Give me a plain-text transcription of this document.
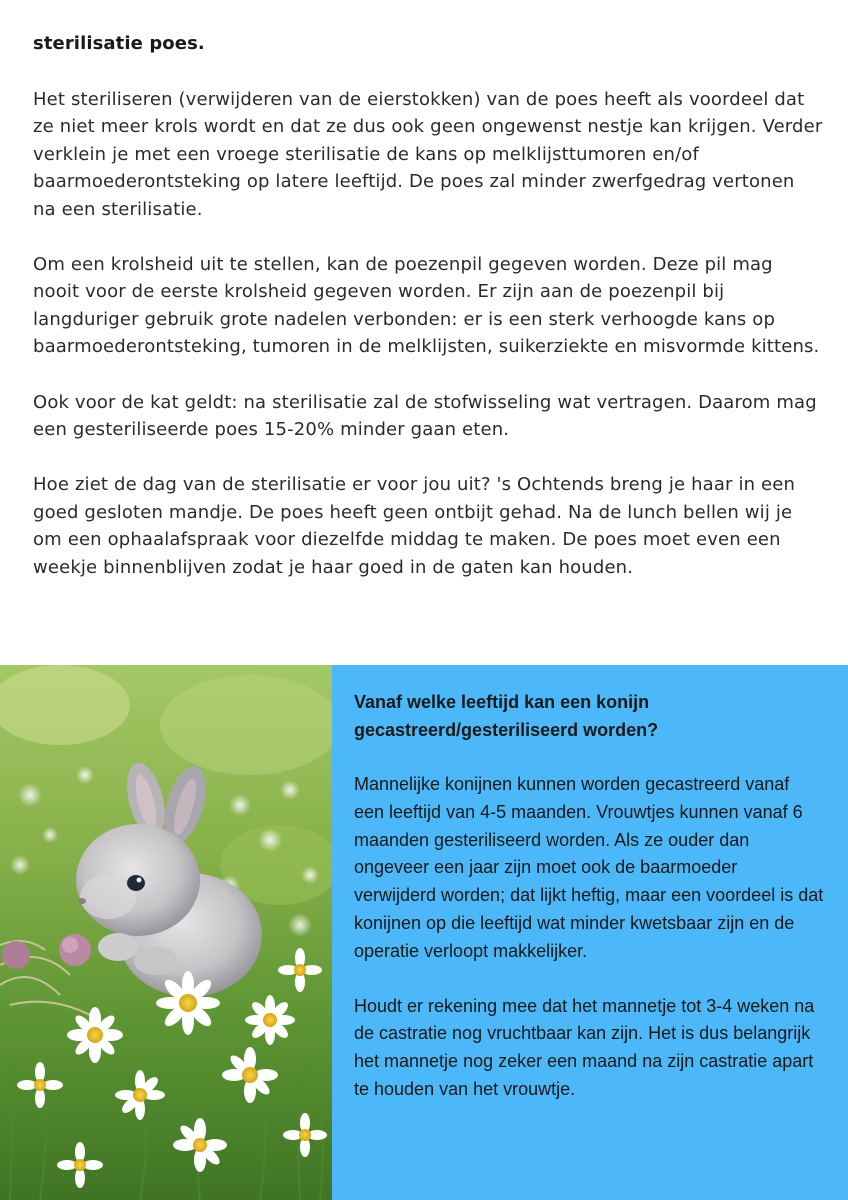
sterilisatie poes.

Het steriliseren (verwijderen van de eierstokken) van de poes heeft als voordeel dat ze niet meer krols wordt en dat ze dus ook geen ongewenst nestje kan krijgen. Verder verklein je met een vroege sterilisatie de kans op melklijsttumoren en/of baarmoederontsteking op latere leeftijd. De poes zal minder zwerfgedrag vertonen na een sterilisatie.

Om een krolsheid uit te stellen, kan de poezenpil gegeven worden. Deze pil mag nooit voor de eerste krolsheid gegeven worden. Er zijn aan de poezenpil bij langduriger gebruik grote nadelen verbonden: er is een sterk verhoogde kans op baarmoederontsteking, tumoren in de melklijsten, suikerziekte en misvormde kittens.

Ook voor de kat geldt: na sterilisatie zal de stofwisseling wat vertragen. Daarom mag een gesteriliseerde poes 15-20% minder gaan eten.

Hoe ziet de dag van de sterilisatie er voor jou uit? 's Ochtends breng je haar in een goed gesloten mandje. De poes heeft geen ontbijt gehad. Na de lunch bellen wij je om een ophaalafspraak voor diezelfde middag te maken. De poes moet even een weekje binnenblijven zodat je haar goed in de gaten kan houden.

Vanaf welke leeftijd kan een konijn gecastreerd/gesteriliseerd worden?

Mannelijke konijnen kunnen worden gecastreerd vanaf een leeftijd van 4-5 maanden. Vrouwtjes kunnen vanaf 6 maanden gesteriliseerd worden. Als ze ouder dan ongeveer een jaar zijn moet ook de baarmoeder verwijderd worden; dat lijkt heftig, maar een voordeel is dat konijnen op die leeftijd wat minder kwetsbaar zijn en de operatie verloopt makkelijker.

Houdt er rekening mee dat het mannetje tot 3-4 weken na de castratie nog vruchtbaar kan zijn. Het is dus belangrijk het mannetje nog zeker een maand na zijn castratie apart te houden van het vrouwtje.
